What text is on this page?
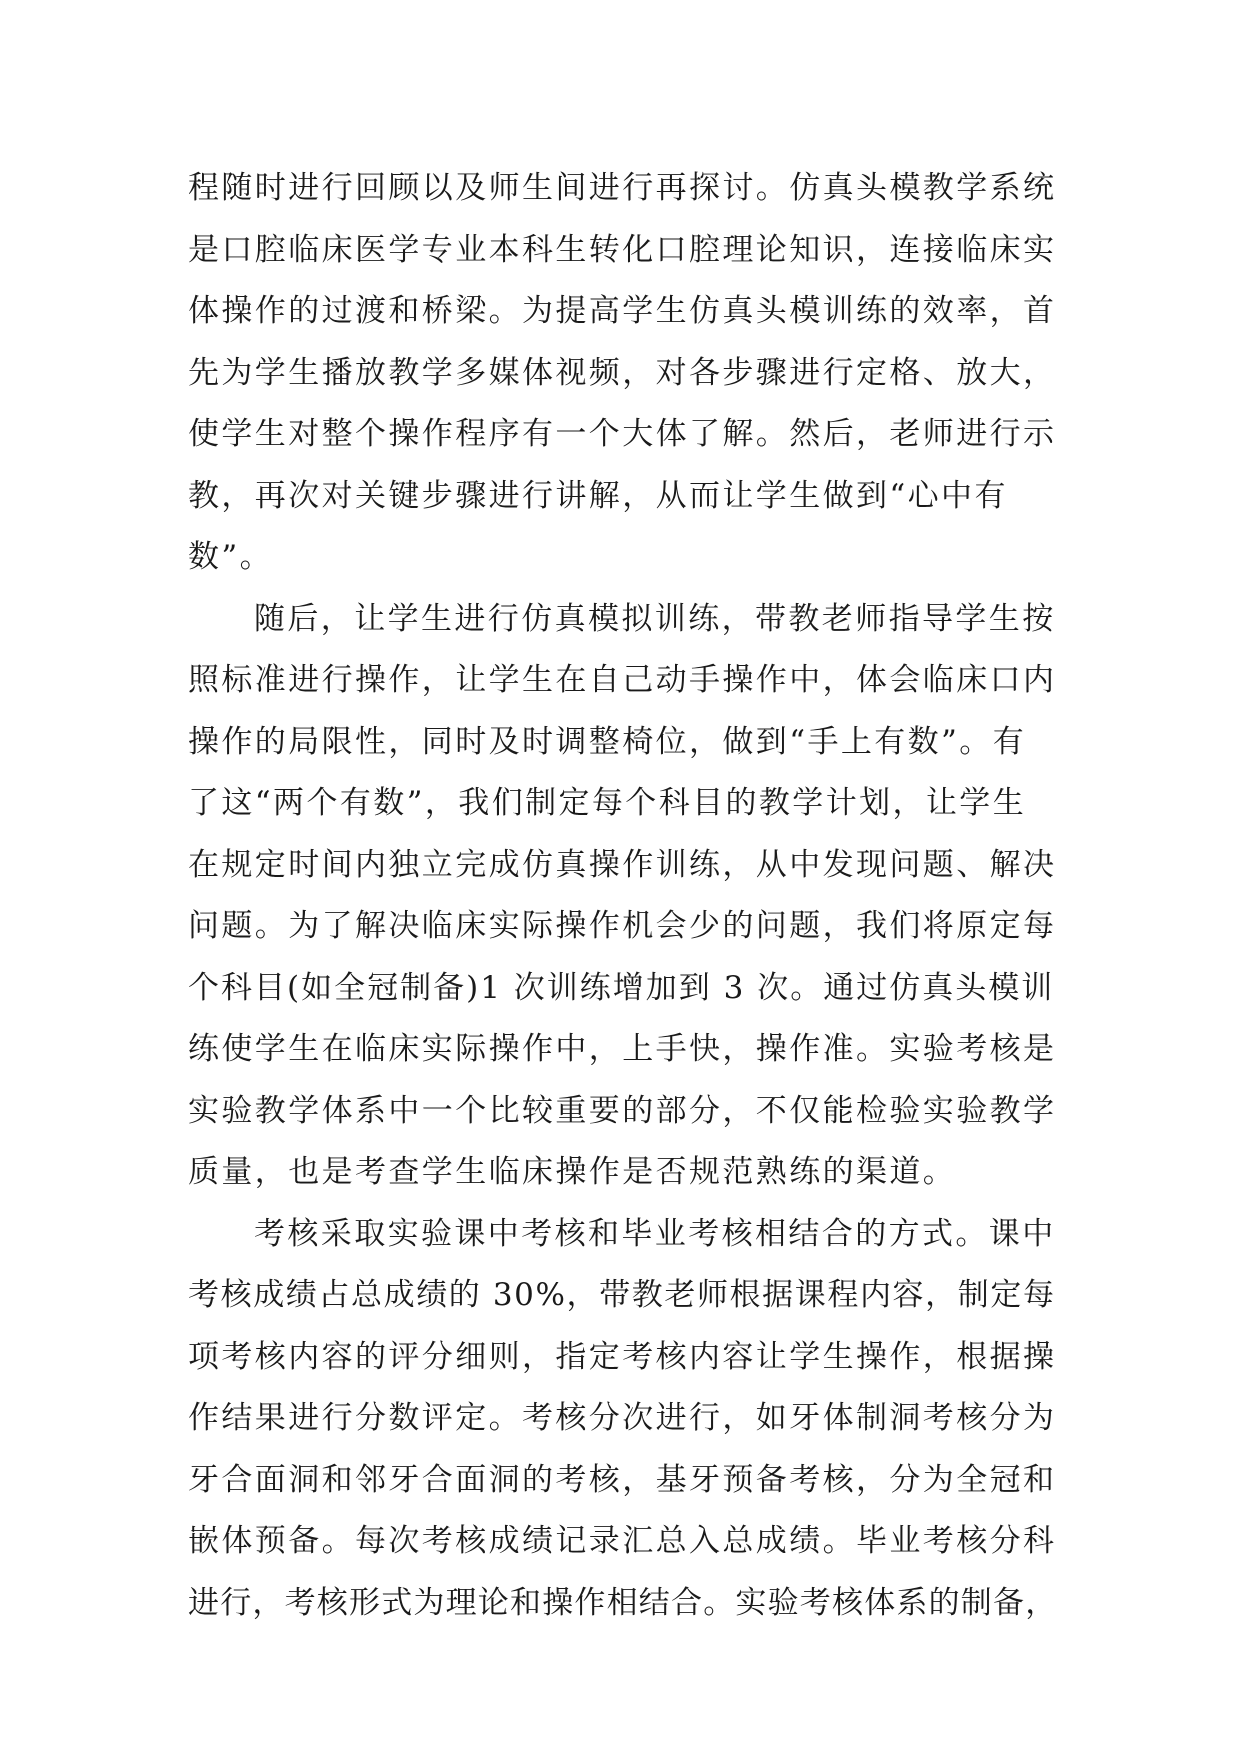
程随时进行回顾以及师生间进行再探讨。仿真头模教学系统
是口腔临床医学专业本科生转化口腔理论知识，连接临床实
体操作的过渡和桥梁。为提高学生仿真头模训练的效率，首
先为学生播放教学多媒体视频，对各步骤进行定格、放大，
使学生对整个操作程序有一个大体了解。然后，老师进行示
教，再次对关键步骤进行讲解，从而让学生做到“心中有
数”。
随后，让学生进行仿真模拟训练，带教老师指导学生按
照标准进行操作，让学生在自己动手操作中，体会临床口内
操作的局限性，同时及时调整椅位，做到“手上有数”。有
了这“两个有数”，我们制定每个科目的教学计划，让学生
在规定时间内独立完成仿真操作训练，从中发现问题、解决
问题。为了解决临床实际操作机会少的问题，我们将原定每
个科目(如全冠制备)1 次训练增加到 3 次。通过仿真头模训
练使学生在临床实际操作中，上手快，操作准。实验考核是
实验教学体系中一个比较重要的部分，不仅能检验实验教学
质量，也是考查学生临床操作是否规范熟练的渠道。
考核采取实验课中考核和毕业考核相结合的方式。课中
考核成绩占总成绩的 30%，带教老师根据课程内容，制定每
项考核内容的评分细则，指定考核内容让学生操作，根据操
作结果进行分数评定。考核分次进行，如牙体制洞考核分为
牙合面洞和邻牙合面洞的考核，基牙预备考核，分为全冠和
嵌体预备。每次考核成绩记录汇总入总成绩。毕业考核分科
进行，考核形式为理论和操作相结合。实验考核体系的制备，
